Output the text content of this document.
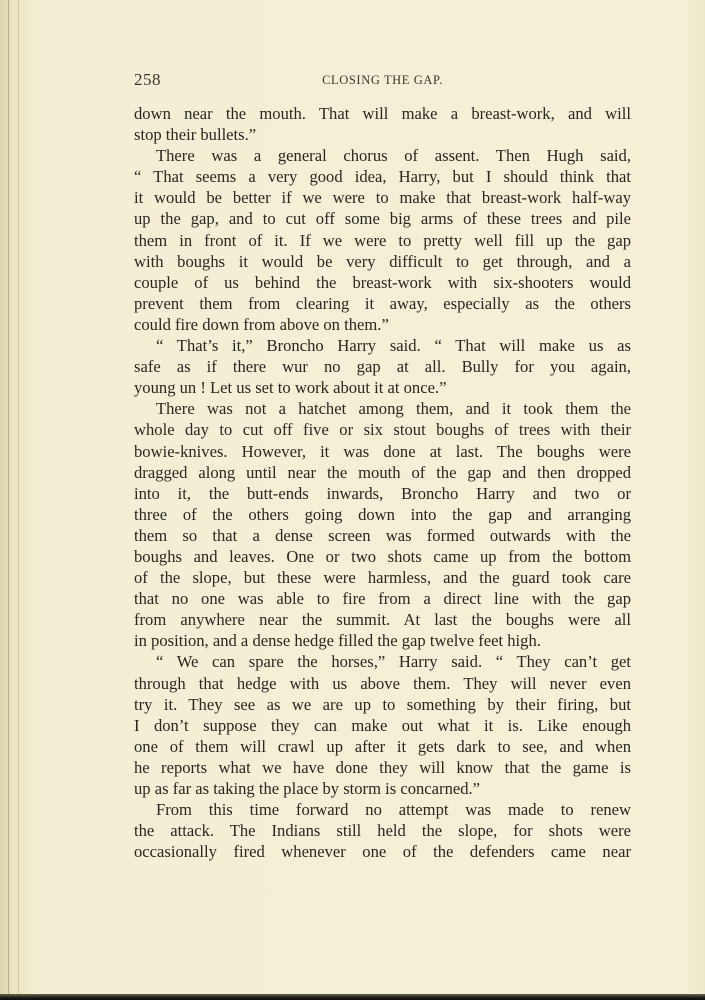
258	CLOSING THE GAP.
down near the mouth. That will make a breast-work, and will
stop their bullets.”
There was a general chorus of assent. Then Hugh said,
“ That seems a very good idea, Harry, but I should think that
it would be better if we were to make that breast-work half-way
up the gap, and to cut off some big arms of these trees and pile
them in front of it. If we were to pretty well fill up the gap
with boughs it would be very difficult to get through, and a
couple of us behind the breast-work with six-shooters would
prevent them from clearing it away, especially as the others
could fire down from above on them.”
“ That’s it,” Broncho Harry said. “ That will make us as
safe as if there wur no gap at all. Bully for you again,
young un ! Let us set to work about it at once.”
There was not a hatchet among them, and it took them the
whole day to cut off five or six stout boughs of trees with their
bowie-knives. However, it was done at last. The boughs were
dragged along until near the mouth of the gap and then dropped
into it, the butt-ends inwards, Broncho Harry and two or
three of the others going down into the gap and arranging
them so that a dense screen was formed outwards with the
boughs and leaves. One or two shots came up from the bottom
of the slope, but these were harmless, and the guard took care
that no one was able to fire from a direct line with the gap
from anywhere near the summit. At last the boughs were all
in position, and a dense hedge filled the gap twelve feet high.
“ We can spare the horses,” Harry said. “ They can’t get
through that hedge with us above them. They will never even
try it. They see as we are up to something by their firing, but
I don’t suppose they can make out what it is. Like enough
one of them will crawl up after it gets dark to see, and when
he reports what we have done they will know that the game is
up as far as taking the place by storm is concarned.”
From this time forward no attempt was made to renew
the attack. The Indians still held the slope, for shots were
occasionally fired whenever one of the defenders came near
